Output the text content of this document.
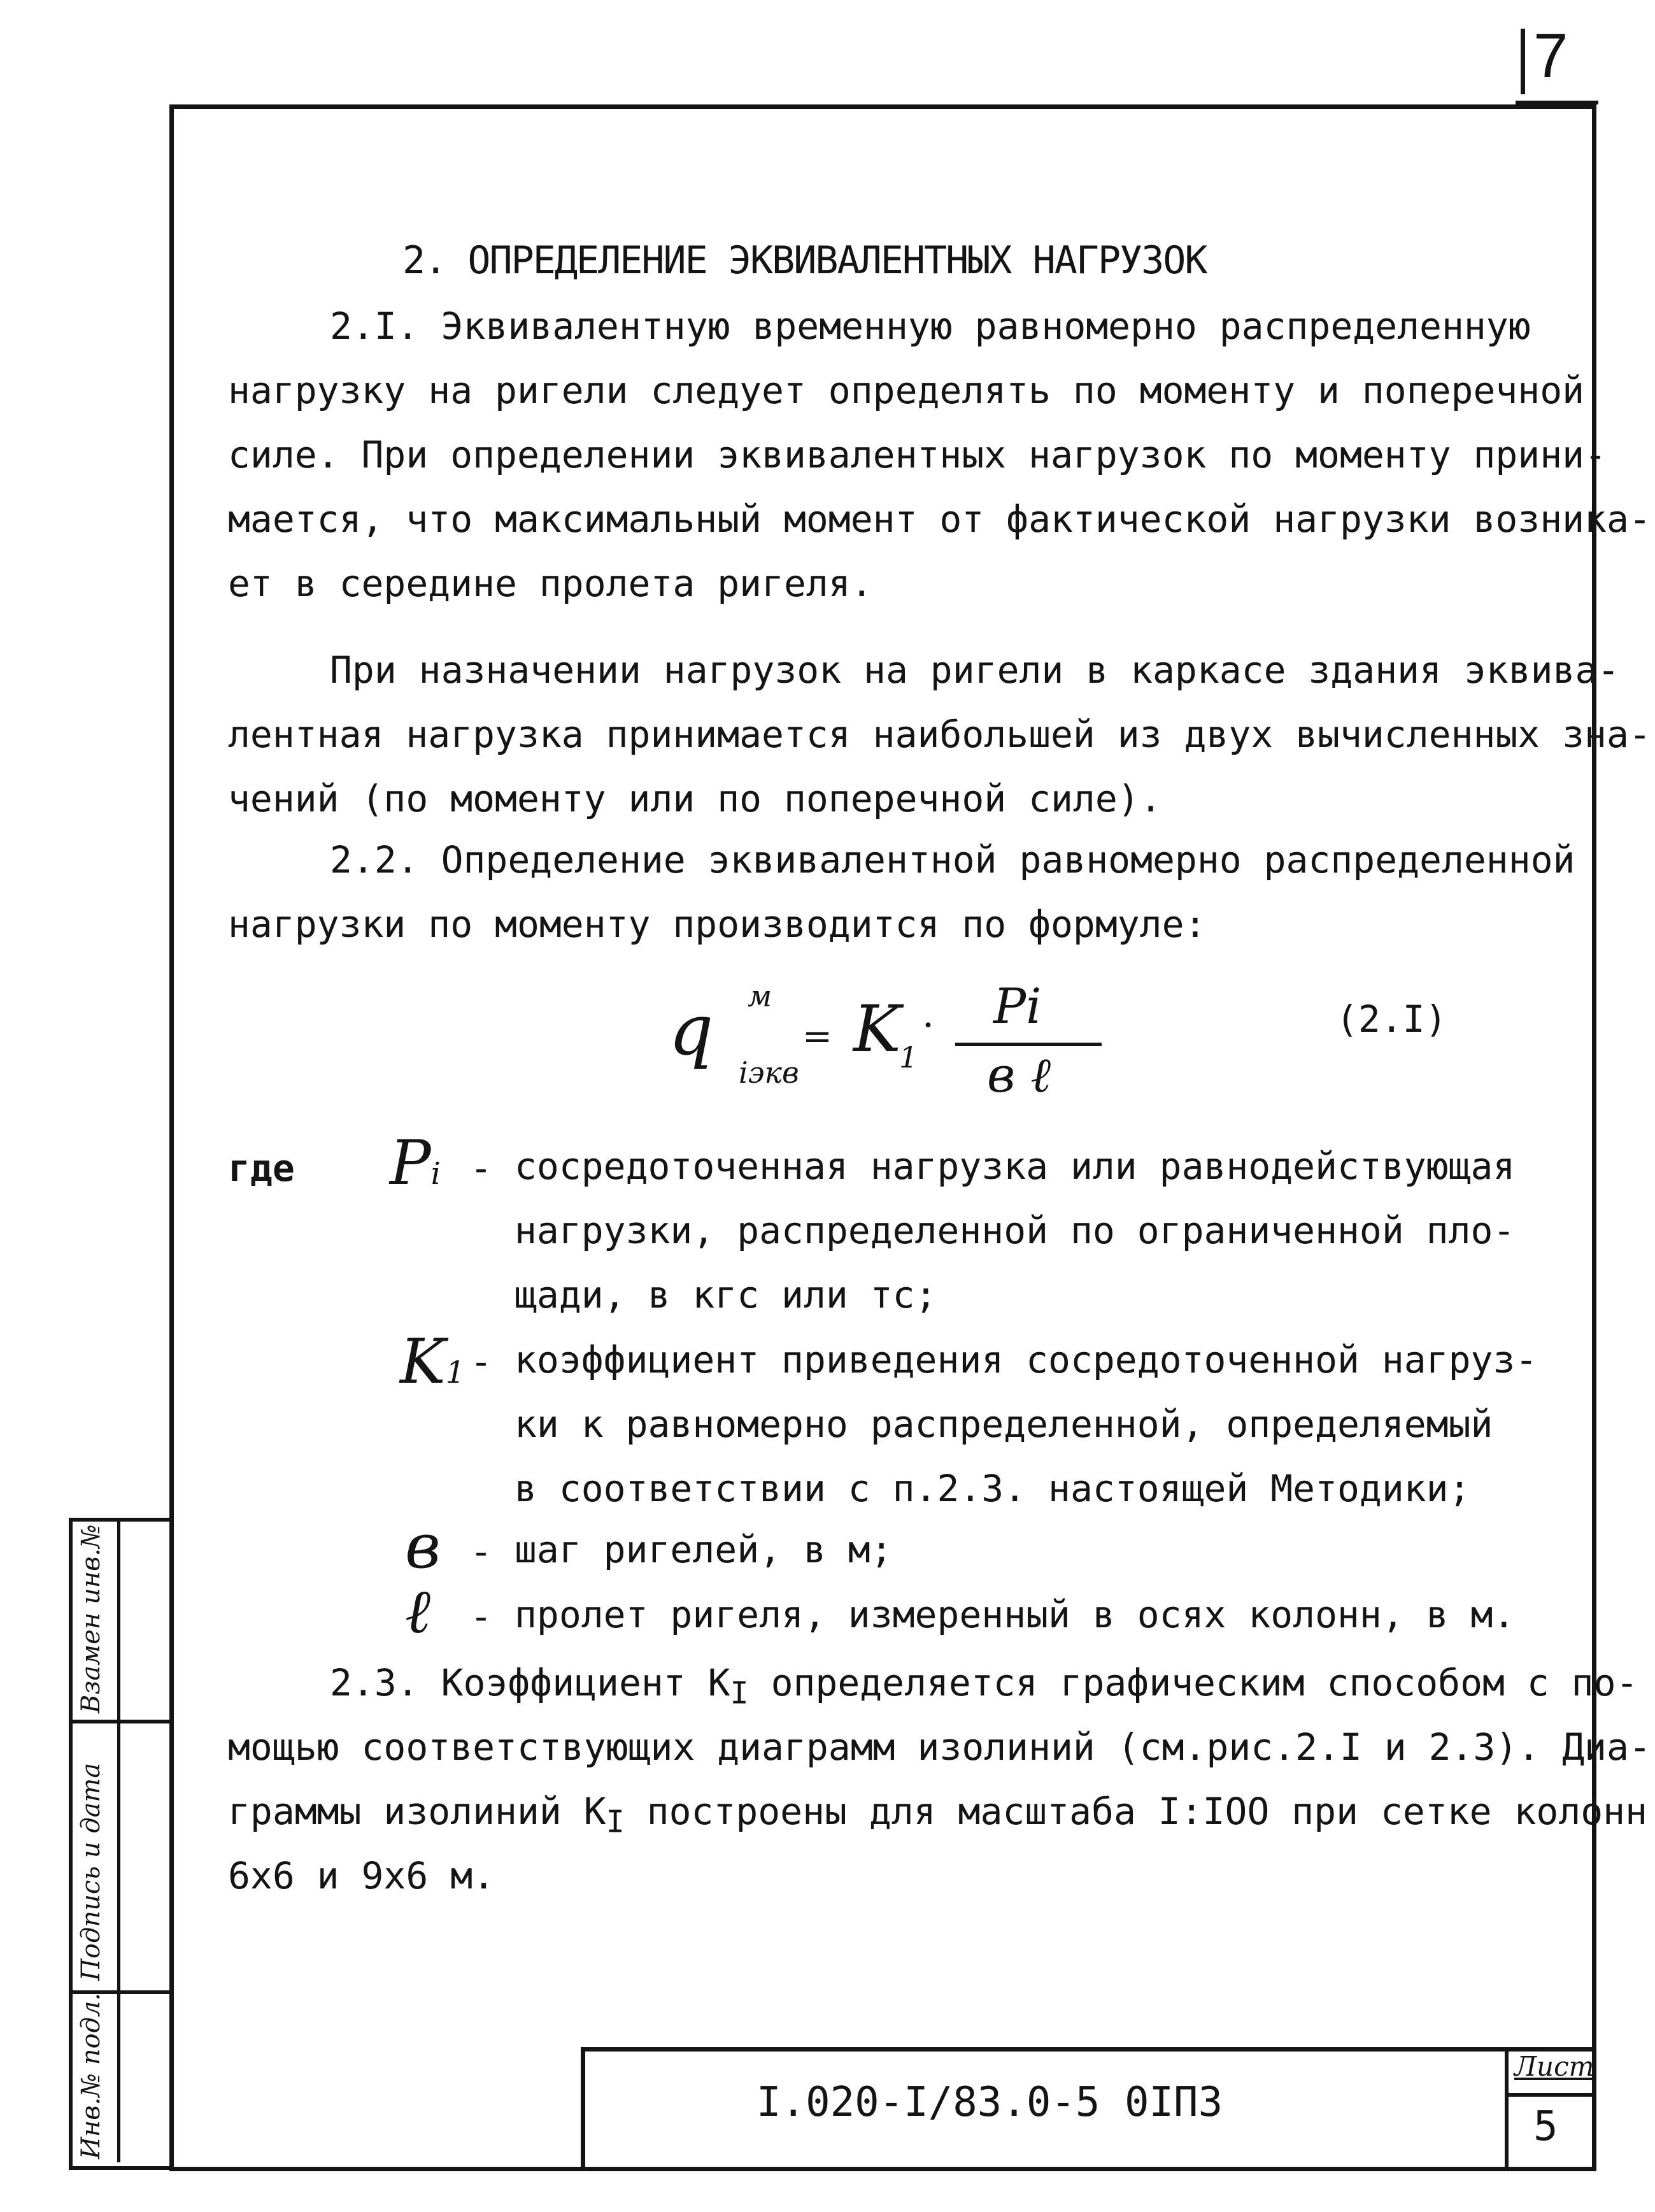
7
2. ОПРЕДЕЛЕНИЕ ЭКВИВАЛЕНТНЫХ НАГРУЗОК
2.I. Эквивалентную временную равномерно распределенную
нагрузку на ригели следует определять по моменту и поперечной
силе. При определении эквивалентных нагрузок по моменту прини-
мается, что максимальный момент от фактической нагрузки возника-
ет в середине пролета ригеля.
При назначении нагрузок на ригели в каркасе здания эквива-
лентная нагрузка принимается наибольшей из двух вычисленных зна-
чений (по моменту или по поперечной силе).
2.2. Определение эквивалентной равномерно распределенной
нагрузки по моменту производится по формуле:
q м
iэкв
= K
1
· Pi
в ℓ
(2.I)
где Pi - сосредоточенная нагрузка или равнодействующая
нагрузки, распределенной по ограниченной пло-
щади, в кгс или тс;
K1 - коэффициент приведения сосредоточенной нагруз-
ки к равномерно распределенной, определяемый
в соответствии с п.2.3. настоящей Методики;
в - шаг ригелей, в м;
ℓ - пролет ригеля, измеренный в осях колонн, в м.
2.3. Коэффициент $К_I$ определяется графическим способом с по-
мощью соответствующих диаграмм изолиний (см.рис.2.I и 2.3). Диа-
граммы изолиний $К_I$ построены для масштаба I:IOO при сетке колонн
6x6 и 9x6 м.
Взамен инв.№
Подпись и дата
Инв.№ подл.	I.020-I/83.0-5 0IПЗ
Лист
5
